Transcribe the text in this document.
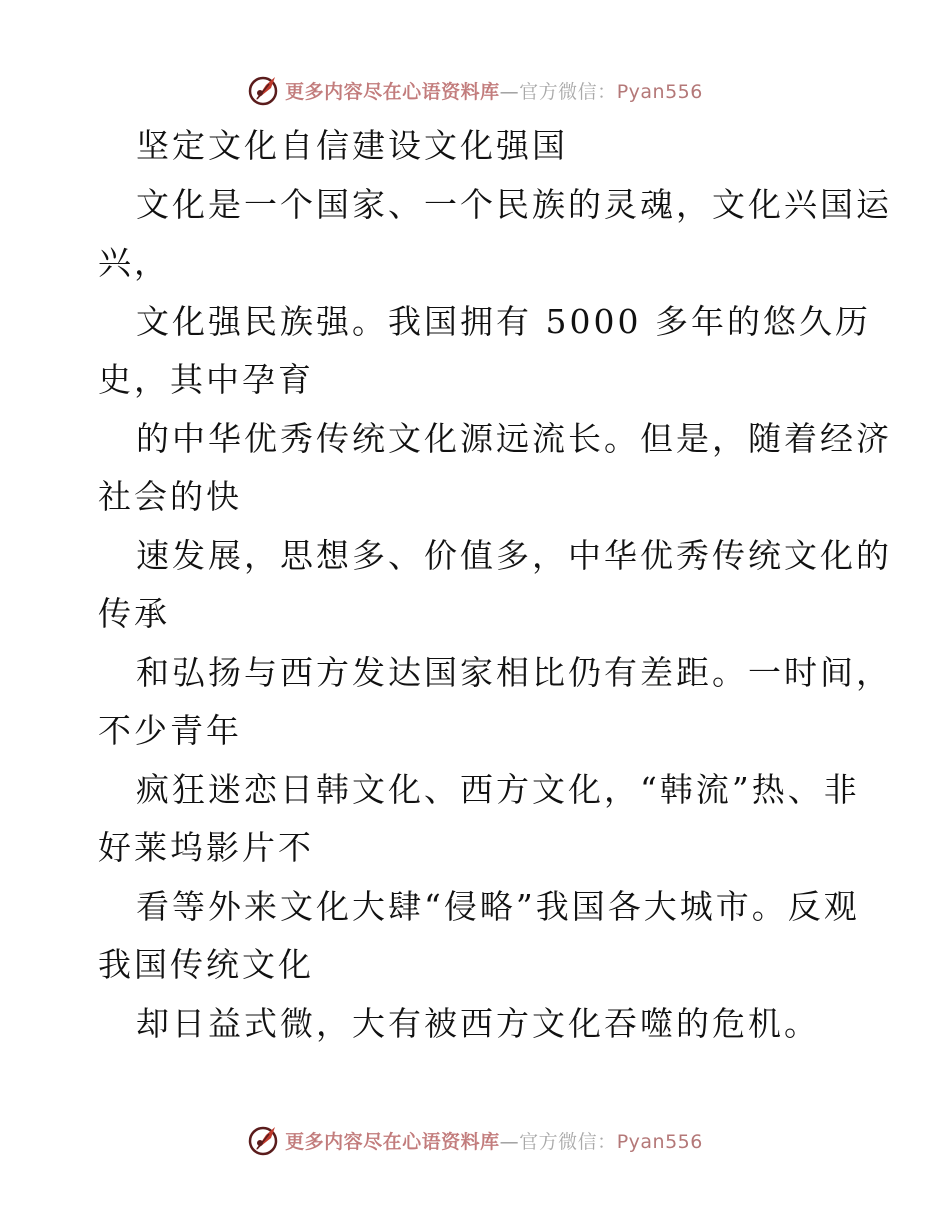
更多内容尽在心语资料库—官方微信：Pyan556
坚定文化自信建设文化强国
文化是一个国家、一个民族的灵魂，文化兴国运
兴，
文化强民族强。我国拥有 5000 多年的悠久历
史，其中孕育
的中华优秀传统文化源远流长。但是，随着经济
社会的快
速发展，思想多、价值多，中华优秀传统文化的
传承
和弘扬与西方发达国家相比仍有差距。一时间，
不少青年
疯狂迷恋日韩文化、西方文化，“韩流”热、非
好莱坞影片不
看等外来文化大肆“侵略”我国各大城市。反观
我国传统文化
却日益式微，大有被西方文化吞噬的危机。
更多内容尽在心语资料库—官方微信：Pyan556
